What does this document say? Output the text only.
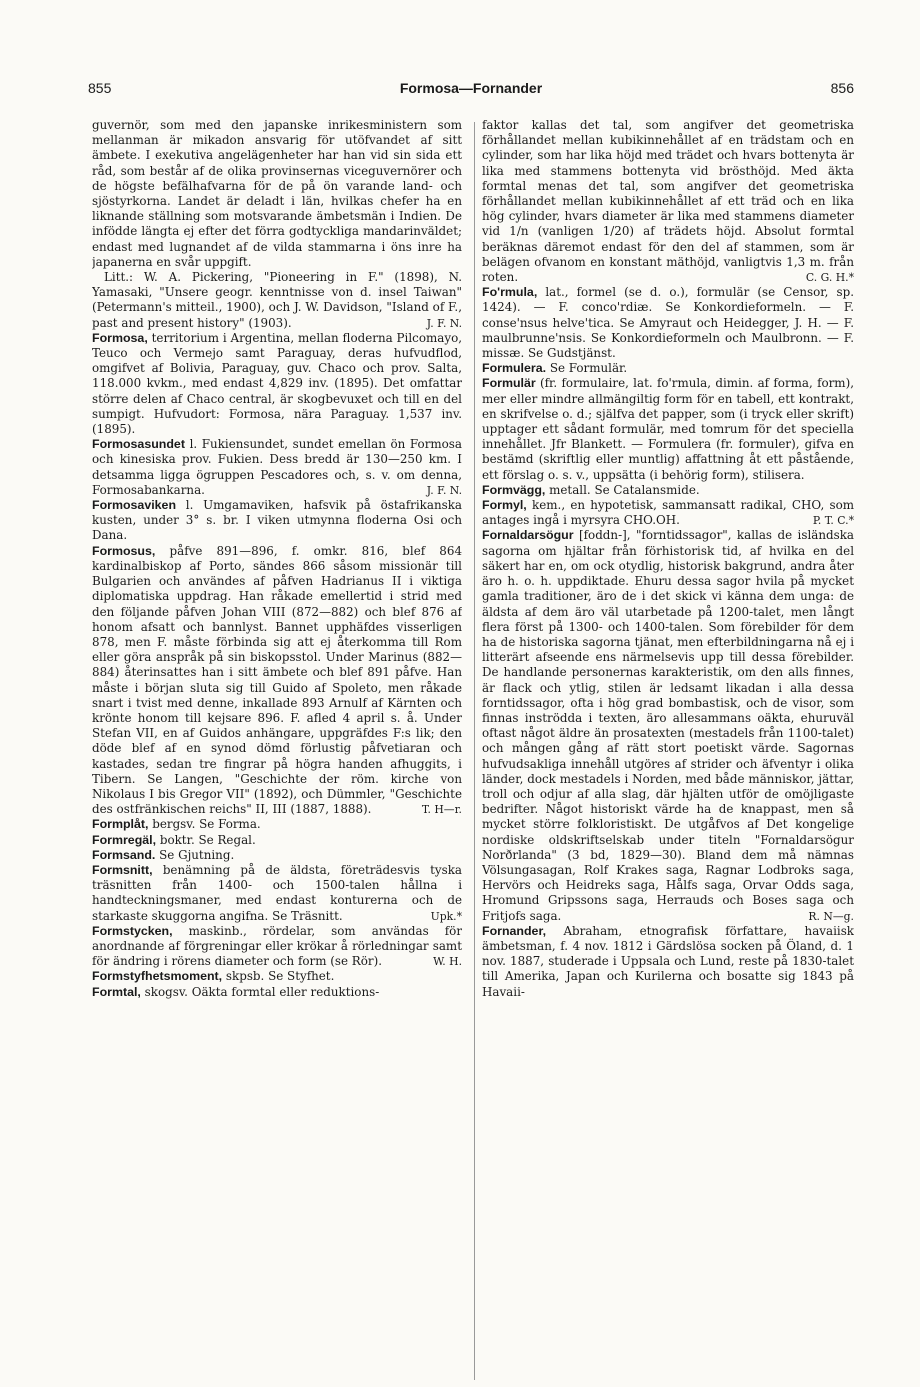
855	Formosa—Fornander	856

guvernör, som med den japanske inrikesministern som mellanman är mikadon ansvarig för utöfvandet af sitt ämbete. I exekutiva angelägenheter har han vid sin sida ett råd, som består af de olika provinsernas viceguvernörer och de högste befälhafvarna för de på ön varande land- och sjöstyrkorna. Landet är deladt i län, hvilkas chefer ha en liknande ställning som motsvarande ämbetsmän i Indien. De infödde längta ej efter det förra godtyckliga mandarinväldet; endast med lugnandet af de vilda stammarna i öns inre ha japanerna en svår uppgift.

Litt.: W. A. Pickering, "Pioneering in F." (1898), N. Yamasaki, "Unsere geogr. kenntnisse von d. insel Taiwan" (Petermann's mitteil., 1900), och J. W. Davidson, "Island of F., past and present history" (1903).	J. F. N.

Formosa, territorium i Argentina, mellan floderna Pilcomayo, Teuco och Vermejo samt Paraguay, deras hufvudflod, omgifvet af Bolivia, Paraguay, guv. Chaco och prov. Salta, 118.000 kvkm., med endast 4,829 inv. (1895). Det omfattar större delen af Chaco central, är skogbevuxet och till en del sumpigt. Hufvudort: Formosa, nära Paraguay. 1,537 inv. (1895).

Formosasundet l. Fukiensundet, sundet emellan ön Formosa och kinesiska prov. Fukien. Dess bredd är 130—250 km. I detsamma ligga ögruppen Pescadores och, s. v. om denna, Formosabankarna.	J. F. N.

Formosaviken l. Umgamaviken, hafsvik på östafrikanska kusten, under 3° s. br. I viken utmynna floderna Osi och Dana.

Formosus, påfve 891—896, f. omkr. 816, blef 864 kardinalbiskop af Porto, sändes 866 såsom missionär till Bulgarien och användes af påfven Hadrianus II i viktiga diplomatiska uppdrag. Han råkade emellertid i strid med den följande påfven Johan VIII (872—882) och blef 876 af honom afsatt och bannlyst. Bannet upphäfdes visserligen 878, men F. måste förbinda sig att ej återkomma till Rom eller göra anspråk på sin biskopsstol. Under Marinus (882—884) återinsattes han i sitt ämbete och blef 891 påfve. Han måste i början sluta sig till Guido af Spoleto, men råkade snart i tvist med denne, inkallade 893 Arnulf af Kärnten och krönte honom till kejsare 896. F. afled 4 april s. å. Under Stefan VII, en af Guidos anhängare, uppgräfdes F:s lik; den döde blef af en synod dömd förlustig påfvetiaran och kastades, sedan tre fingrar på högra handen afhuggits, i Tibern. Se Langen, "Geschichte der röm. kirche von Nikolaus I bis Gregor VII" (1892), och Dümmler, "Geschichte des ostfränkischen reichs" II, III (1887, 1888).	T. H—r.

Formplåt, bergsv. Se Forma.

Formregäl, boktr. Se Regal.

Formsand. Se Gjutning.

Formsnitt, benämning på de äldsta, företrädesvis tyska träsnitten från 1400- och 1500-talen hållna i handteckningsmaner, med endast konturerna och de starkaste skuggorna angifna. Se Träsnitt.	Upk.*

Formstycken, maskinb., rördelar, som användas för anordnande af förgreningar eller krökar å rörledningar samt för ändring i rörens diameter och form (se Rör).	W. H.

Formstyfhetsmoment, skpsb. Se Styfhet.

Formtal, skogsv. Oäkta formtal eller reduktions-

faktor kallas det tal, som angifver det geometriska förhållandet mellan kubikinnehållet af en trädstam och en cylinder, som har lika höjd med trädet och hvars bottenyta är lika med stammens bottenyta vid brösthöjd. Med äkta formtal menas det tal, som angifver det geometriska förhållandet mellan kubikinnehållet af ett träd och en lika hög cylinder, hvars diameter är lika med stammens diameter vid 1/n (vanligen 1/20) af trädets höjd. Absolut formtal beräknas däremot endast för den del af stammen, som är belägen ofvanom en konstant mäthöjd, vanligtvis 1,3 m. från roten.	C. G. H.*

Fo'rmula, lat., formel (se d. o.), formulär (se Censor, sp. 1424). — F. conco'rdiæ. Se Konkordieformeln. — F. conse'nsus helve'tica. Se Amyraut och Heidegger, J. H. — F. maulbrunne'nsis. Se Konkordieformeln och Maulbronn. — F. missæ. Se Gudstjänst.

Formulera. Se Formulär.

Formulär (fr. formulaire, lat. fo'rmula, dimin. af forma, form), mer eller mindre allmängiltig form för en tabell, ett kontrakt, en skrifvelse o. d.; själfva det papper, som (i tryck eller skrift) upptager ett sådant formulär, med tomrum för det speciella innehållet. Jfr Blankett. — Formulera (fr. formuler), gifva en bestämd (skriftlig eller muntlig) affattning åt ett påstående, ett förslag o. s. v., uppsätta (i behörig form), stilisera.

Formvägg, metall. Se Catalansmide.

Formyl, kem., en hypotetisk, sammansatt radikal, CHO, som antages ingå i myrsyra CHO.OH.	P. T. C.*

Fornaldarsögur [foddn-], "forntidssagor", kallas de isländska sagorna om hjältar från förhistorisk tid, af hvilka en del säkert har en, om ock otydlig, historisk bakgrund, andra åter äro h. o. h. uppdiktade. Ehuru dessa sagor hvila på mycket gamla traditioner, äro de i det skick vi känna dem unga: de äldsta af dem äro väl utarbetade på 1200-talet, men långt flera först på 1300- och 1400-talen. Som förebilder för dem ha de historiska sagorna tjänat, men efterbildningarna nå ej i litterärt afseende ens närmelsevis upp till dessa förebilder. De handlande personernas karakteristik, om den alls finnes, är flack och ytlig, stilen är ledsamt likadan i alla dessa forntidssagor, ofta i hög grad bombastisk, och de visor, som finnas inströdda i texten, äro allesammans oäkta, ehuruväl oftast något äldre än prosatexten (mestadels från 1100-talet) och mången gång af rätt stort poetiskt värde. Sagornas hufvudsakliga innehåll utgöres af strider och äfventyr i olika länder, dock mestadels i Norden, med både människor, jättar, troll och odjur af alla slag, där hjälten utför de omöjligaste bedrifter. Något historiskt värde ha de knappast, men så mycket större folkloristiskt. De utgåfvos af Det kongelige nordiske oldskriftselskab under titeln "Fornaldarsögur Norðrlanda" (3 bd, 1829—30). Bland dem må nämnas Völsungasagan, Rolf Krakes saga, Ragnar Lodbroks saga, Hervörs och Heidreks saga, Hålfs saga, Orvar Odds saga, Hromund Gripssons saga, Herrauds och Boses saga och Fritjofs saga.	R. N—g.

Fornander, Abraham, etnografisk författare, havaiisk ämbetsman, f. 4 nov. 1812 i Gärdslösa socken på Öland, d. 1 nov. 1887, studerade i Uppsala och Lund, reste på 1830-talet till Amerika, Japan och Kurilerna och bosatte sig 1843 på Havaii-
